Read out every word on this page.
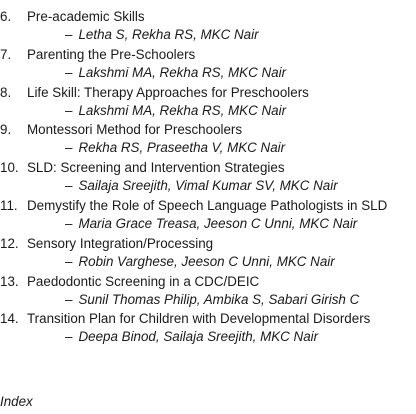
6.	Pre-academic Skills
– Letha S, Rekha RS, MKC Nair
7.	Parenting the Pre-Schoolers
– Lakshmi MA, Rekha RS, MKC Nair
8.	Life Skill: Therapy Approaches for Preschoolers
– Lakshmi MA, Rekha RS, MKC Nair
9.	Montessori Method for Preschoolers
– Rekha RS, Praseetha V, MKC Nair
10. SLD: Screening and Intervention Strategies
– Sailaja Sreejith, Vimal Kumar SV, MKC Nair
11. Demystify the Role of Speech Language Pathologists in SLD
– Maria Grace Treasa, Jeeson C Unni, MKC Nair
12. Sensory Integration/Processing
– Robin Varghese, Jeeson C Unni, MKC Nair
13. Paedodontic Screening in a CDC/DEIC
– Sunil Thomas Philip, Ambika S, Sabari Girish C
14. Transition Plan for Children with Developmental Disorders
– Deepa Binod, Sailaja Sreejith, MKC Nair
Index
